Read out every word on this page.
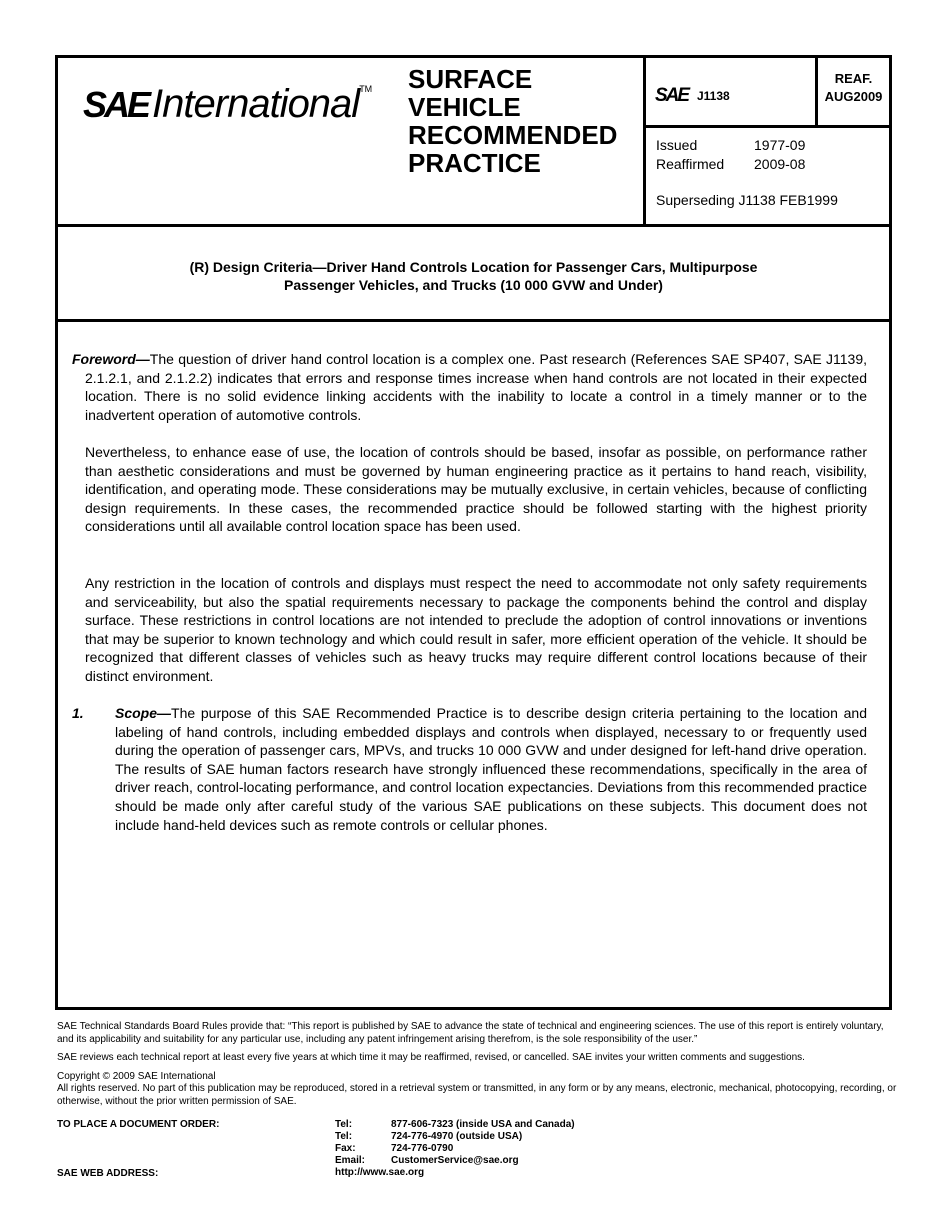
SAE International™ SURFACE
VEHICLE
RECOMMENDED
PRACTICE
SAE J1138
REAF.
AUG2009
Issued	1977-09
Reaffirmed 2009-08
Superseding J1138 FEB1999
(R) Design Criteria—Driver Hand Controls Location for Passenger Cars, Multipurpose
Passenger Vehicles, and Trucks (10 000 GVW and Under)
Foreword—The question of driver hand control location is a complex one. Past research (References SAE SP407, SAE J1139, 2.1.2.1, and 2.1.2.2) indicates that errors and response times increase when hand controls are not located in their expected location. There is no solid evidence linking accidents with the inability to locate a control in a timely manner or to the inadvertent operation of automotive controls.
Nevertheless, to enhance ease of use, the location of controls should be based, insofar as possible, on performance rather than aesthetic considerations and must be governed by human engineering practice as it pertains to hand reach, visibility, identification, and operating mode. These considerations may be mutually exclusive, in certain vehicles, because of conflicting design requirements. In these cases, the recommended practice should be followed starting with the highest priority considerations until all available control location space has been used.
Any restriction in the location of controls and displays must respect the need to accommodate not only safety requirements and serviceability, but also the spatial requirements necessary to package the components behind the control and display surface. These restrictions in control locations are not intended to preclude the adoption of control innovations or inventions that may be superior to known technology and which could result in safer, more efficient operation of the vehicle. It should be recognized that different classes of vehicles such as heavy trucks may require different control locations because of their distinct environment.
1. Scope—The purpose of this SAE Recommended Practice is to describe design criteria pertaining to the location and labeling of hand controls, including embedded displays and controls when displayed, necessary to or frequently used during the operation of passenger cars, MPVs, and trucks 10 000 GVW and under designed for left-hand drive operation. The results of SAE human factors research have strongly influenced these recommendations, specifically in the area of driver reach, control-locating performance, and control location expectancies. Deviations from this recommended practice should be made only after careful study of the various SAE publications on these subjects. This document does not include hand-held devices such as remote controls or cellular phones.

SAE Technical Standards Board Rules provide that: “This report is published by SAE to advance the state of technical and engineering sciences. The use of this report is entirely voluntary, and its applicability and suitability for any particular use, including any patent infringement arising therefrom, is the sole responsibility of the user.”

SAE reviews each technical report at least every five years at which time it may be reaffirmed, revised, or cancelled. SAE invites your written comments and suggestions.

Copyright © 2009 SAE International
All rights reserved. No part of this publication may be reproduced, stored in a retrieval system or transmitted, in any form or by any means, electronic, mechanical, photocopying, recording, or otherwise, without the prior written permission of SAE.
TO PLACE A DOCUMENT ORDER:
SAE WEB ADDRESS:
Tel:	877-606-7323 (inside USA and Canada)
Tel:	724-776-4970 (outside USA)
Fax:	724-776-0790
Email:	CustomerService@sae.org
http://www.sae.org
